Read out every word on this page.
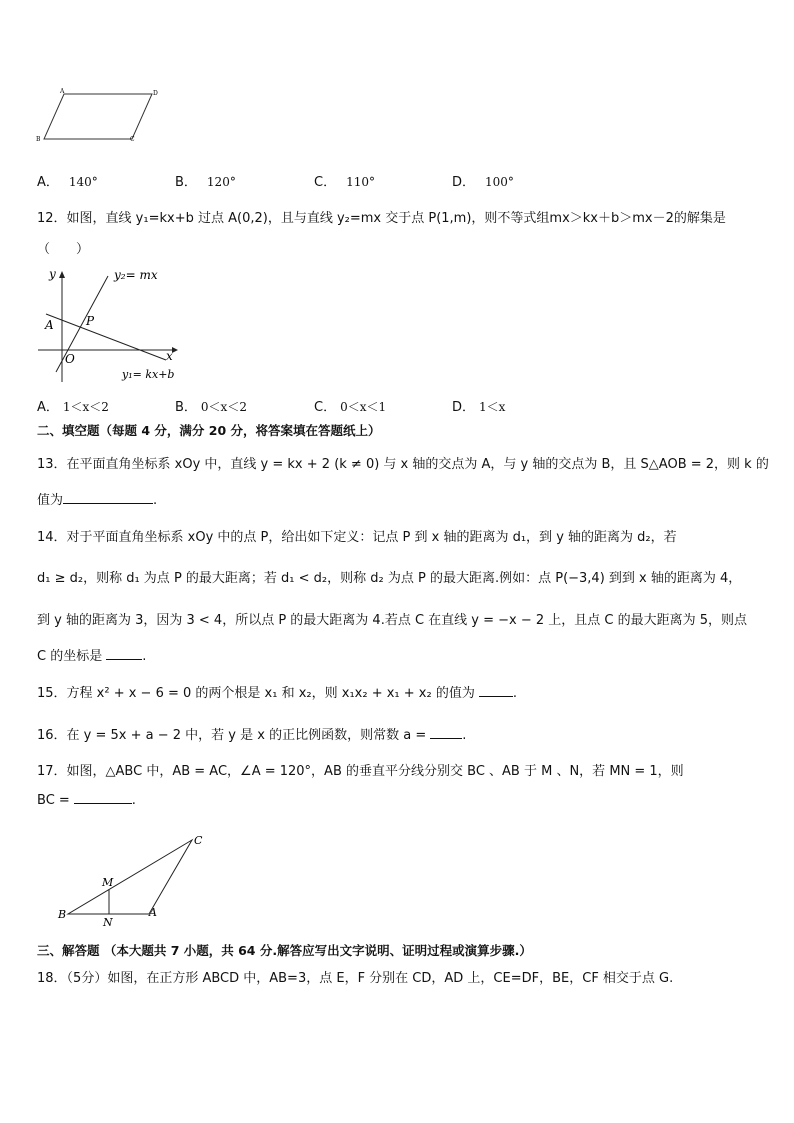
A	D
B	C
A． 140°	B． 120°	C． 110°	D． 100°
12．如图，直线 y₁=kx+b 过点 A(0,2)，且与直线 y₂=mx 交于点 P(1,m)，则不等式组mx＞kx＋b＞mx－2的解集是
（　　）
y
x
O
A	P
y₂= mx
y₁= kx+b
A． 1＜x＜2	B． 0＜x＜2	C． 0＜x＜1	D． 1＜x
二、填空题（每题 4 分，满分 20 分，将答案填在答题纸上）
13．在平面直角坐标系 xOy 中，直线 y = kx + 2 (k ≠ 0) 与 x 轴的交点为 A，与 y 轴的交点为 B，且 S△AOB = 2，则 k 的
值为	.
14．对于平面直角坐标系 xOy 中的点 P，给出如下定义：记点 P 到 x 轴的距离为 d₁，到 y 轴的距离为 d₂，若
d₁ ≥ d₂，则称 d₁ 为点 P 的最大距离；若 d₁ < d₂，则称 d₂ 为点 P 的最大距离.例如：点 P(−3,4) 到到 x 轴的距离为 4，
到 y 轴的距离为 3，因为 3 < 4，所以点 P 的最大距离为 4.若点 C 在直线 y = −x − 2 上，且点 C 的最大距离为 5，则点
C 的坐标是	.
15．方程 x² + x − 6 = 0 的两个根是 x₁ 和 x₂，则 x₁x₂ + x₁ + x₂ 的值为	.
16．在 y = 5x + a − 2 中，若 y 是 x 的正比例函数，则常数 a =	.
17．如图，△ABC 中，AB = AC，∠A = 120°，AB 的垂直平分线分别交 BC 、AB 于 M 、N，若 MN = 1，则
BC =	.
C
M
B
N
A
三、解答题 （本大题共 7 小题，共 64 分.解答应写出文字说明、证明过程或演算步骤.）
18．（5分）如图，在正方形 ABCD 中，AB=3，点 E，F 分别在 CD，AD 上，CE=DF，BE，CF 相交于点 G.
